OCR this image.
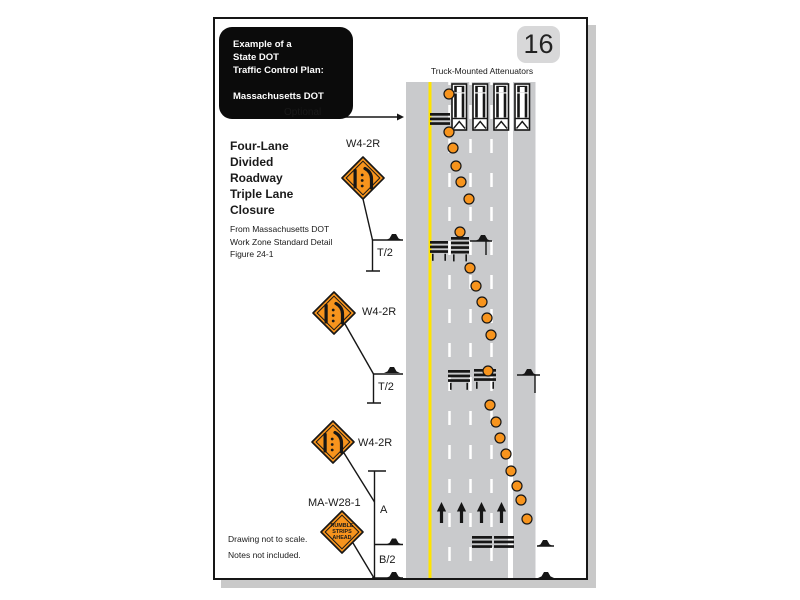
Example of a
State DOT
Traffic Control Plan:
Massachusetts DOT
16
Four-Lane
Divided
Roadway
Triple Lane
Closure
From Massachusetts DOT
Work Zone Standard Detail
Figure 24-1
Truck-Mounted Attenuators
Optional
W4-2R
W4-2R
W4-2R
MA-W28-1
T/2
T/2
A
B/2
RUMBLE
STRIPS
AHEAD
Drawing not to scale.
Notes not included.
